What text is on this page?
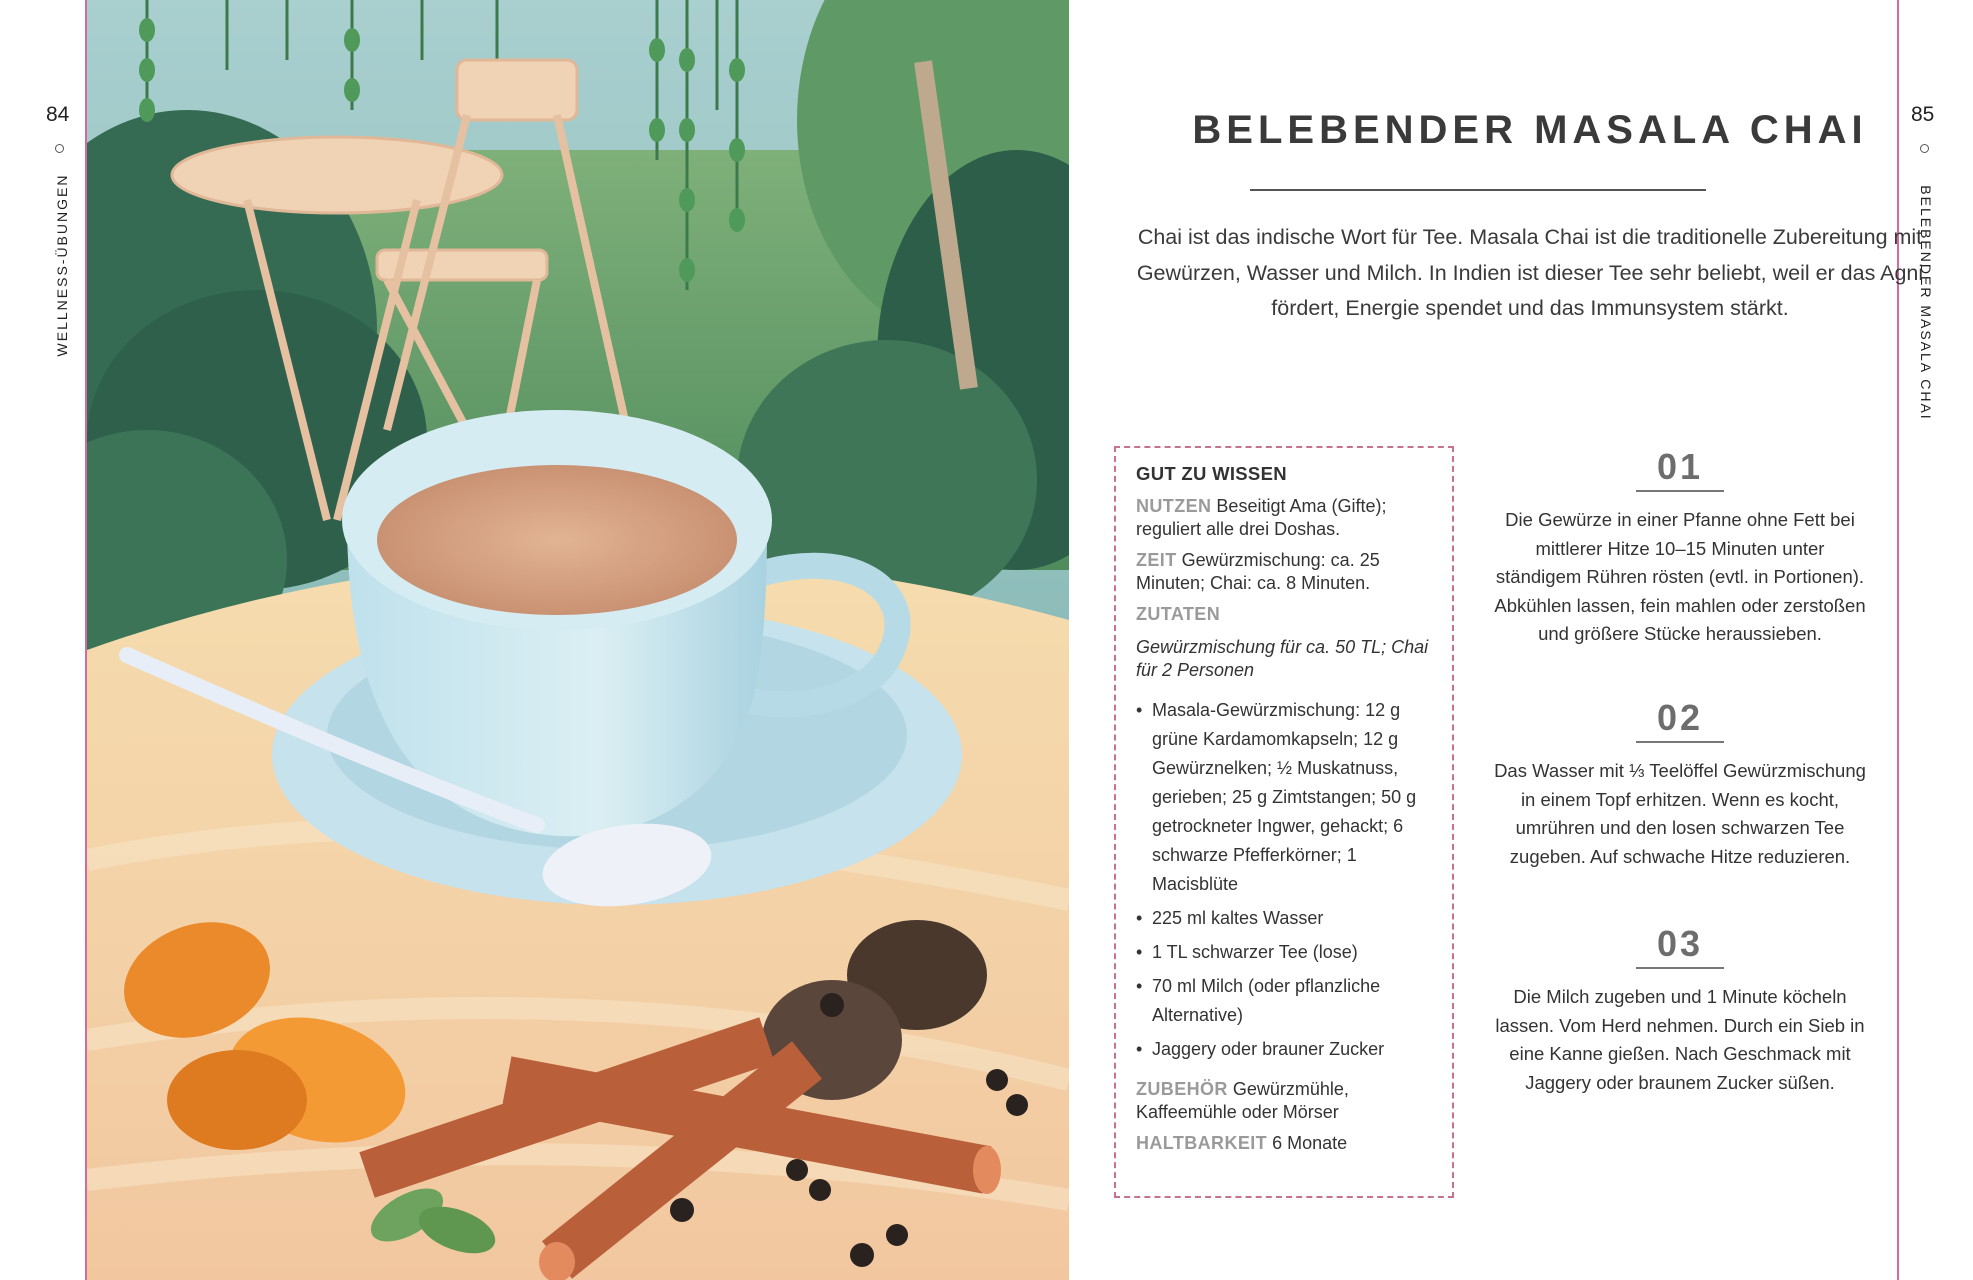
84
WELLNESS-ÜBUNGEN
85
BELEBENDER MASALA CHAI
BELEBENDER MASALA CHAI
Chai ist das indische Wort für Tee. Masala Chai ist die traditionelle Zubereitung mit Gewürzen, Wasser und Milch. In Indien ist dieser Tee sehr beliebt, weil er das Agni fördert, Energie spendet und das Immunsystem stärkt.
GUT ZU WISSEN
NUTZEN Beseitigt Ama (Gifte); reguliert alle drei Doshas.
ZEIT Gewürzmischung: ca. 25 Minuten; Chai: ca. 8 Minuten.
ZUTATEN
Gewürzmischung für ca. 50 TL; Chai für 2 Personen
• Masala-Gewürzmischung: 12 g grüne Kardamomkapseln; 12 g Gewürznelken; ½ Muskatnuss, gerieben; 25 g Zimtstangen; 50 g getrockneter Ingwer, gehackt; 6 schwarze Pfefferkörner; 1 Macisblüte
• 225 ml kaltes Wasser
• 1 TL schwarzer Tee (lose)
• 70 ml Milch (oder pflanzliche Alternative)
• Jaggery oder brauner Zucker
ZUBEHÖR Gewürzmühle, Kaffeemühle oder Mörser
HALTBARKEIT 6 Monate
01
Die Gewürze in einer Pfanne ohne Fett bei mittlerer Hitze 10–15 Minuten unter ständigem Rühren rösten (evtl. in Portionen). Abkühlen lassen, fein mahlen oder zerstoßen und größere Stücke heraussieben.
02
Das Wasser mit ⅓ Teelöffel Gewürzmischung in einem Topf erhitzen. Wenn es kocht, umrühren und den losen schwarzen Tee zugeben. Auf schwache Hitze reduzieren.
03
Die Milch zugeben und 1 Minute köcheln lassen. Vom Herd nehmen. Durch ein Sieb in eine Kanne gießen. Nach Geschmack mit Jaggery oder braunem Zucker süßen.
